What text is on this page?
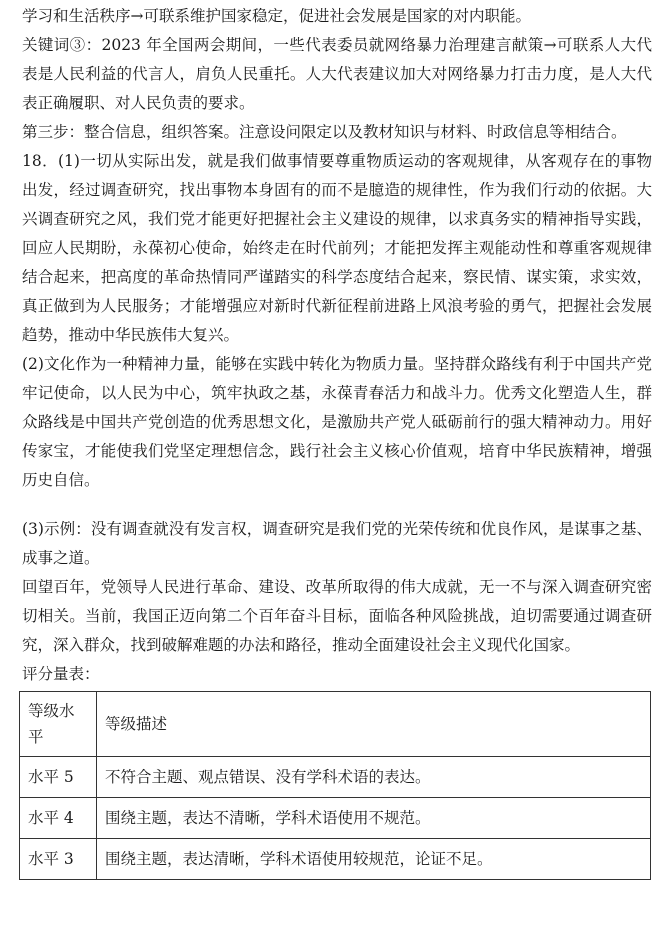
学习和生活秩序→可联系维护国家稳定，促进社会发展是国家的对内职能。

关键词③：2023 年全国两会期间，一些代表委员就网络暴力治理建言献策→可联系人大代表是人民利益的代言人，肩负人民重托。人大代表建议加大对网络暴力打击力度，是人大代表正确履职、对人民负责的要求。

第三步：整合信息，组织答案。注意设问限定以及教材知识与材料、时政信息等相结合。

18．(1)一切从实际出发，就是我们做事情要尊重物质运动的客观规律，从客观存在的事物出发，经过调查研究，找出事物本身固有的而不是臆造的规律性，作为我们行动的依据。大兴调查研究之风，我们党才能更好把握社会主义建设的规律，以求真务实的精神指导实践，回应人民期盼，永葆初心使命，始终走在时代前列；才能把发挥主观能动性和尊重客观规律结合起来，把高度的革命热情同严谨踏实的科学态度结合起来，察民情、谋实策，求实效，真正做到为人民服务；才能增强应对新时代新征程前进路上风浪考验的勇气，把握社会发展趋势，推动中华民族伟大复兴。

(2)文化作为一种精神力量，能够在实践中转化为物质力量。坚持群众路线有利于中国共产党牢记使命，以人民为中心，筑牢执政之基，永葆青春活力和战斗力。优秀文化塑造人生，群众路线是中国共产党创造的优秀思想文化，是激励共产党人砥砺前行的强大精神动力。用好传家宝，才能使我们党坚定理想信念，践行社会主义核心价值观，培育中华民族精神，增强历史自信。

(3)示例：没有调查就没有发言权，调查研究是我们党的光荣传统和优良作风，是谋事之基、成事之道。

回望百年，党领导人民进行革命、建设、改革所取得的伟大成就，无一不与深入调查研究密切相关。当前，我国正迈向第二个百年奋斗目标，面临各种风险挑战，迫切需要通过调查研究，深入群众，找到破解难题的办法和路径，推动全面建设社会主义现代化国家。

评分量表：

等级水平	等级描述
水平 5	不符合主题、观点错误、没有学科术语的表达。
水平 4	围绕主题，表达不清晰，学科术语使用不规范。
水平 3	围绕主题，表达清晰，学科术语使用较规范，论证不足。
